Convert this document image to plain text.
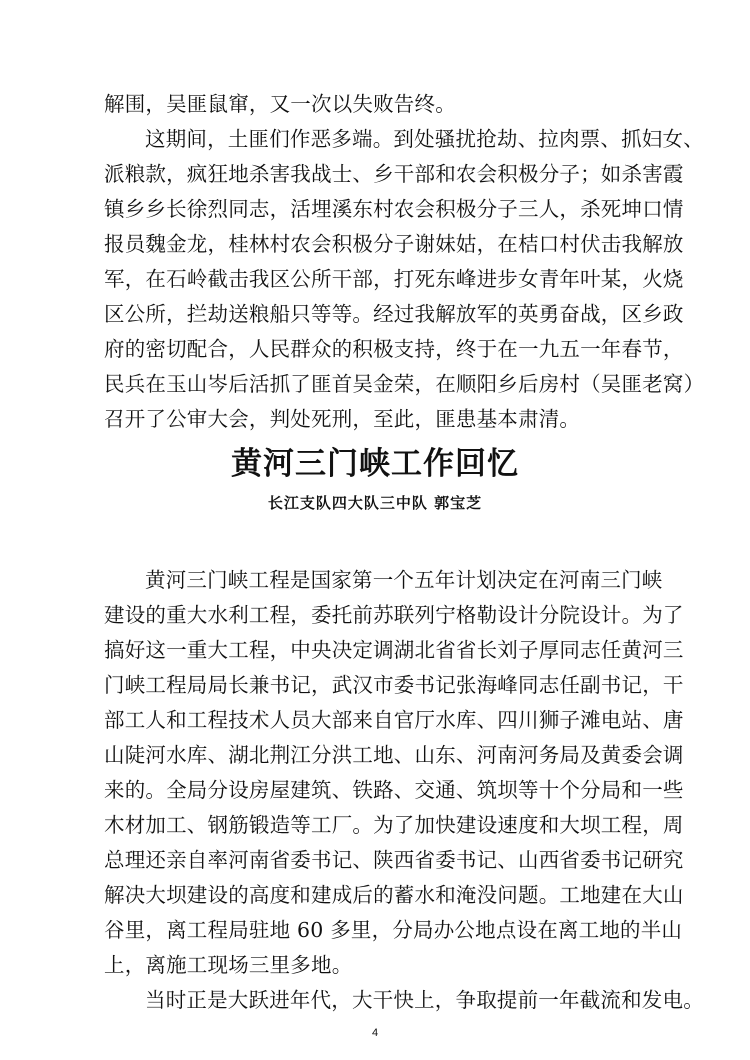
解围，吴匪鼠窜，又一次以失败告终。
这期间，土匪们作恶多端。到处骚扰抢劫、拉肉票、抓妇女、
派粮款，疯狂地杀害我战士、乡干部和农会积极分子；如杀害霞
镇乡乡长徐烈同志，活埋溪东村农会积极分子三人，杀死坤口情
报员魏金龙，桂林村农会积极分子谢妹姑，在桔口村伏击我解放
军，在石岭截击我区公所干部，打死东峰进步女青年叶某，火烧
区公所，拦劫送粮船只等等。经过我解放军的英勇奋战，区乡政
府的密切配合，人民群众的积极支持，终于在一九五一年春节，
民兵在玉山岑后活抓了匪首吴金荣，在顺阳乡后房村（吴匪老窝）
召开了公审大会，判处死刑，至此，匪患基本肃清。
黄河三门峡工作回忆
长江支队四大队三中队 郭宝芝
黄河三门峡工程是国家第一个五年计划决定在河南三门峡
建设的重大水利工程，委托前苏联列宁格勒设计分院设计。为了
搞好这一重大工程，中央决定调湖北省省长刘子厚同志任黄河三
门峡工程局局长兼书记，武汉市委书记张海峰同志任副书记，干
部工人和工程技术人员大部来自官厅水库、四川狮子滩电站、唐
山陡河水库、湖北荆江分洪工地、山东、河南河务局及黄委会调
来的。全局分设房屋建筑、铁路、交通、筑坝等十个分局和一些
木材加工、钢筋锻造等工厂。为了加快建设速度和大坝工程，周
总理还亲自率河南省委书记、陕西省委书记、山西省委书记研究
解决大坝建设的高度和建成后的蓄水和淹没问题。工地建在大山
谷里，离工程局驻地 60 多里，分局办公地点设在离工地的半山
上，离施工现场三里多地。
当时正是大跃进年代，大干快上，争取提前一年截流和发电。
4
